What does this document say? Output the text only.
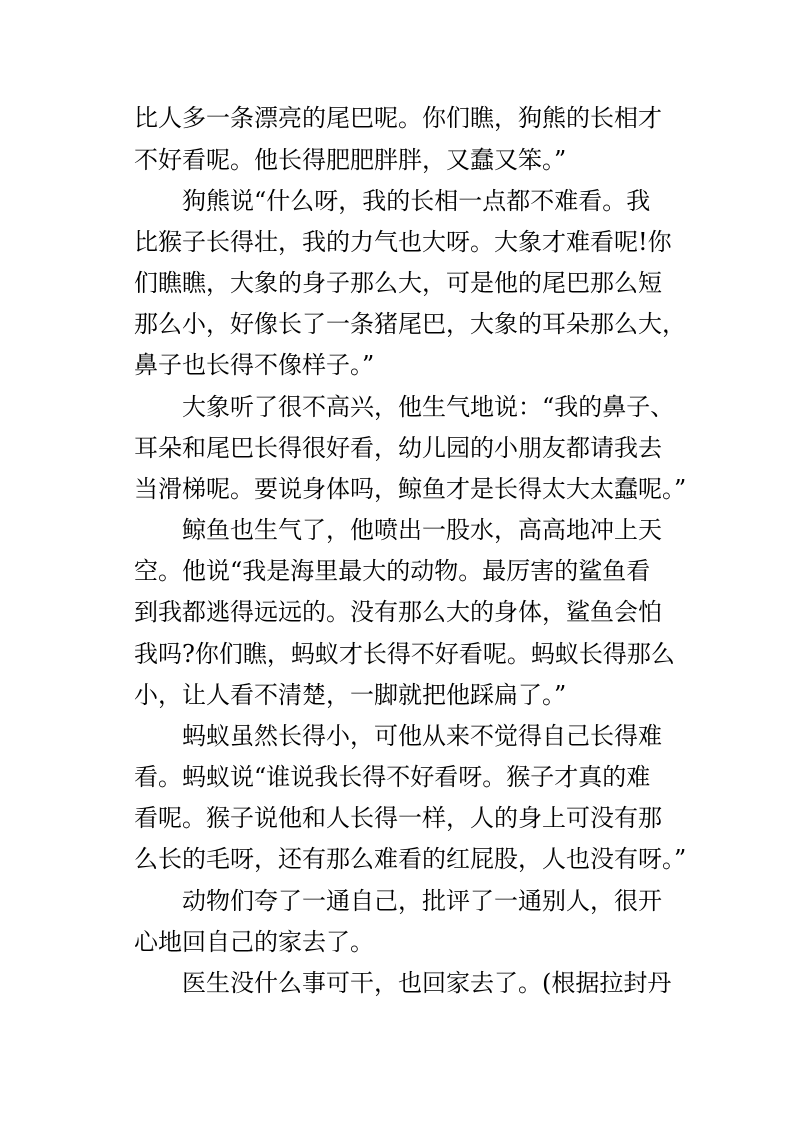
比人多一条漂亮的尾巴呢。你们瞧，狗熊的长相才
不好看呢。他长得肥肥胖胖，又蠢又笨。”
狗熊说“什么呀，我的长相一点都不难看。我
比猴子长得壮，我的力气也大呀。大象才难看呢!你
们瞧瞧，大象的身子那么大，可是他的尾巴那么短
那么小，好像长了一条猪尾巴，大象的耳朵那么大，
鼻子也长得不像样子。”
大象听了很不高兴，他生气地说：“我的鼻子、
耳朵和尾巴长得很好看，幼儿园的小朋友都请我去
当滑梯呢。要说身体吗，鲸鱼才是长得太大太蠢呢。”
鲸鱼也生气了，他喷出一股水，高高地冲上天
空。他说“我是海里最大的动物。最厉害的鲨鱼看
到我都逃得远远的。没有那么大的身体，鲨鱼会怕
我吗?你们瞧，蚂蚁才长得不好看呢。蚂蚁长得那么
小，让人看不清楚，一脚就把他踩扁了。”
蚂蚁虽然长得小，可他从来不觉得自己长得难
看。蚂蚁说“谁说我长得不好看呀。猴子才真的难
看呢。猴子说他和人长得一样，人的身上可没有那
么长的毛呀，还有那么难看的红屁股，人也没有呀。”
动物们夸了一通自己，批评了一通别人，很开
心地回自己的家去了。
医生没什么事可干，也回家去了。(根据拉封丹
